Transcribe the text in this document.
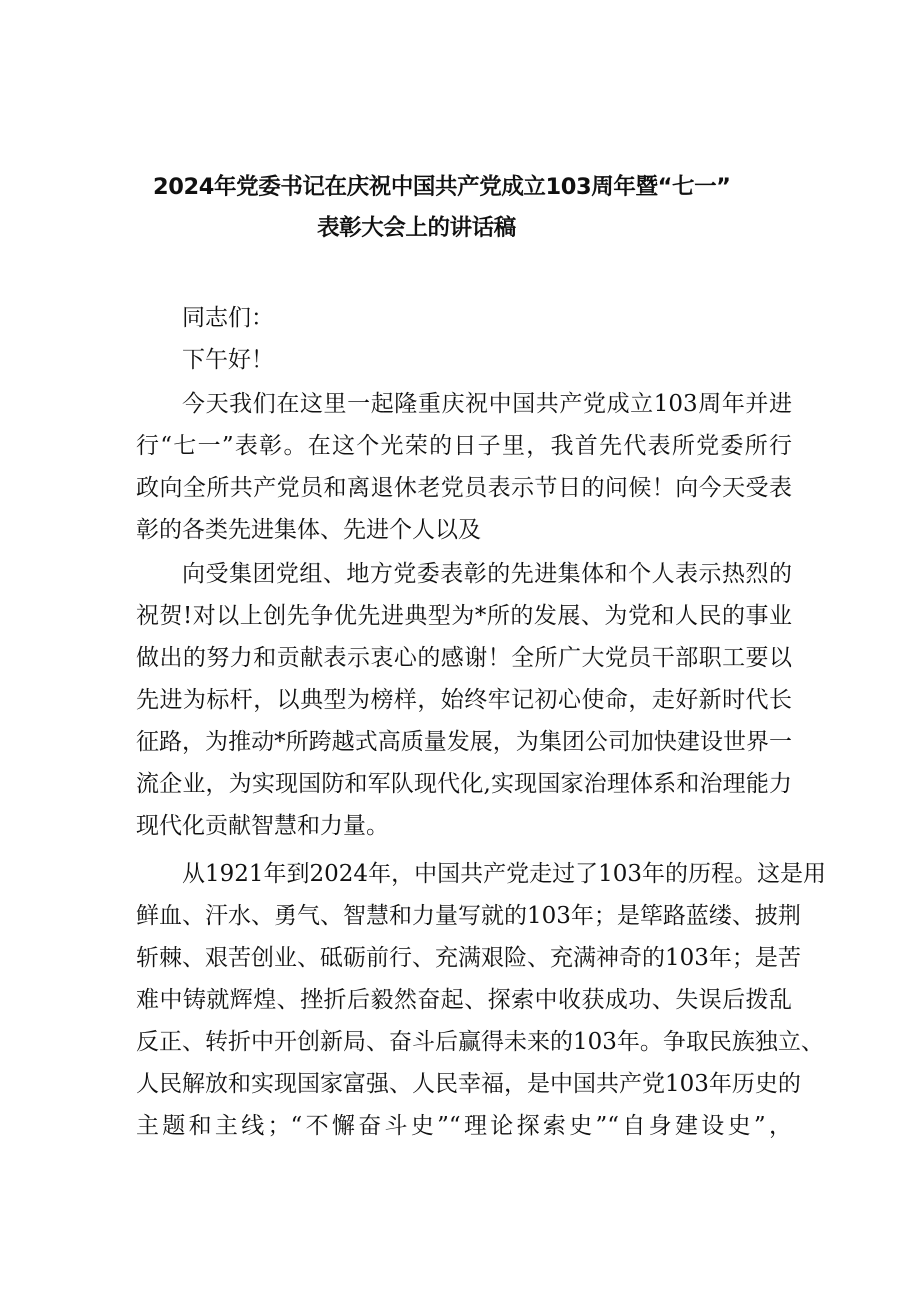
2024年党委书记在庆祝中国共产党成立103周年暨“七一”
表彰大会上的讲话稿
同志们：
下午好！
今天我们在这里一起隆重庆祝中国共产党成立103周年并进
行“七一”表彰。在这个光荣的日子里，我首先代表所党委所行
政向全所共产党员和离退休老党员表示节日的问候！向今天受表
彰的各类先进集体、先进个人以及
向受集团党组、地方党委表彰的先进集体和个人表示热烈的
祝贺!对以上创先争优先进典型为*所的发展、为党和人民的事业
做出的努力和贡献表示衷心的感谢！全所广大党员干部职工要以
先进为标杆，以典型为榜样，始终牢记初心使命，走好新时代长
征路，为推动*所跨越式高质量发展，为集团公司加快建设世界一
流企业，为实现国防和军队现代化,实现国家治理体系和治理能力
现代化贡献智慧和力量。
从1921年到2024年，中国共产党走过了103年的历程。这是用
鲜血、汗水、勇气、智慧和力量写就的103年；是筚路蓝缕、披荆
斩棘、艰苦创业、砥砺前行、充满艰险、充满神奇的103年；是苦
难中铸就辉煌、挫折后毅然奋起、探索中收获成功、失误后拨乱
反正、转折中开创新局、奋斗后赢得未来的103年。争取民族独立、
人民解放和实现国家富强、人民幸福，是中国共产党103年历史的
主题和主线；“不懈奋斗史”“理论探索史”“自身建设史”，
